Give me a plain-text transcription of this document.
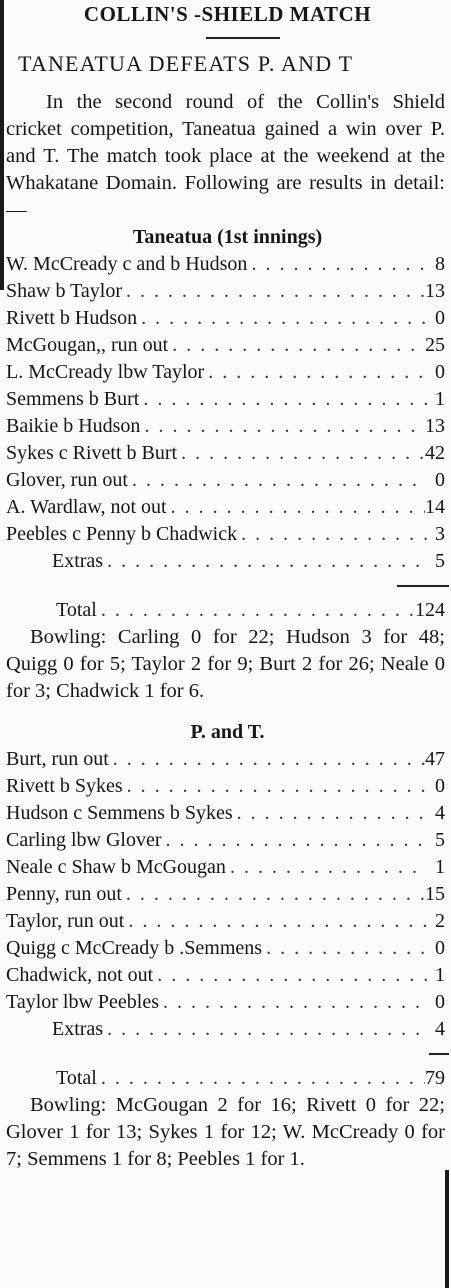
COLLIN'S -SHIELD MATCH
TANEATUA DEFEATS P. AND T
In the second round of the Collin's Shield cricket competition, Taneatua gained a win over P. and T. The match took place at the weekend at the Whakatane Domain. Following are results in detail:—
Taneatua (1st innings)
W. McCready c and b Hudson . . .	8
Shaw b Taylor . . .	13
Rivett b Hudson . . .	0
McGougan,, run out . . .	25
L. McCready lbw Taylor . . .	0
Semmens b Burt . . .	1
Baikie b Hudson . . .	13
Sykes c Rivett b Burt . . .	42
Glover, run out . . .	0
A. Wardlaw, not out . . .	14
Peebles c Penny b Chadwick . . .	3
Extras . . .	5
Total . . .	124
Bowling: Carling 0 for 22; Hudson 3 for 48; Quigg 0 for 5; Taylor 2 for 9; Burt 2 for 26; Neale 0 for 3; Chadwick 1 for 6.
P. and T.
Burt, run out . . .	47
Rivett b Sykes . . .	0
Hudson c Semmens b Sykes . . .	4
Carling lbw Glover . . .	5
Neale c Shaw b McGougan . . .	1
Penny, run out . . .	15
Taylor, run out . . .	2
Quigg c McCready b .Semmens . . .	0
Chadwick, not out . . .	1
Taylor lbw Peebles . . .	0
Extras . . .	4
Total . . .	79
Bowling: McGougan 2 for 16; Rivett 0 for 22; Glover 1 for 13; Sykes 1 for 12; W. McCready 0 for 7; Semmens 1 for 8; Peebles 1 for 1.
